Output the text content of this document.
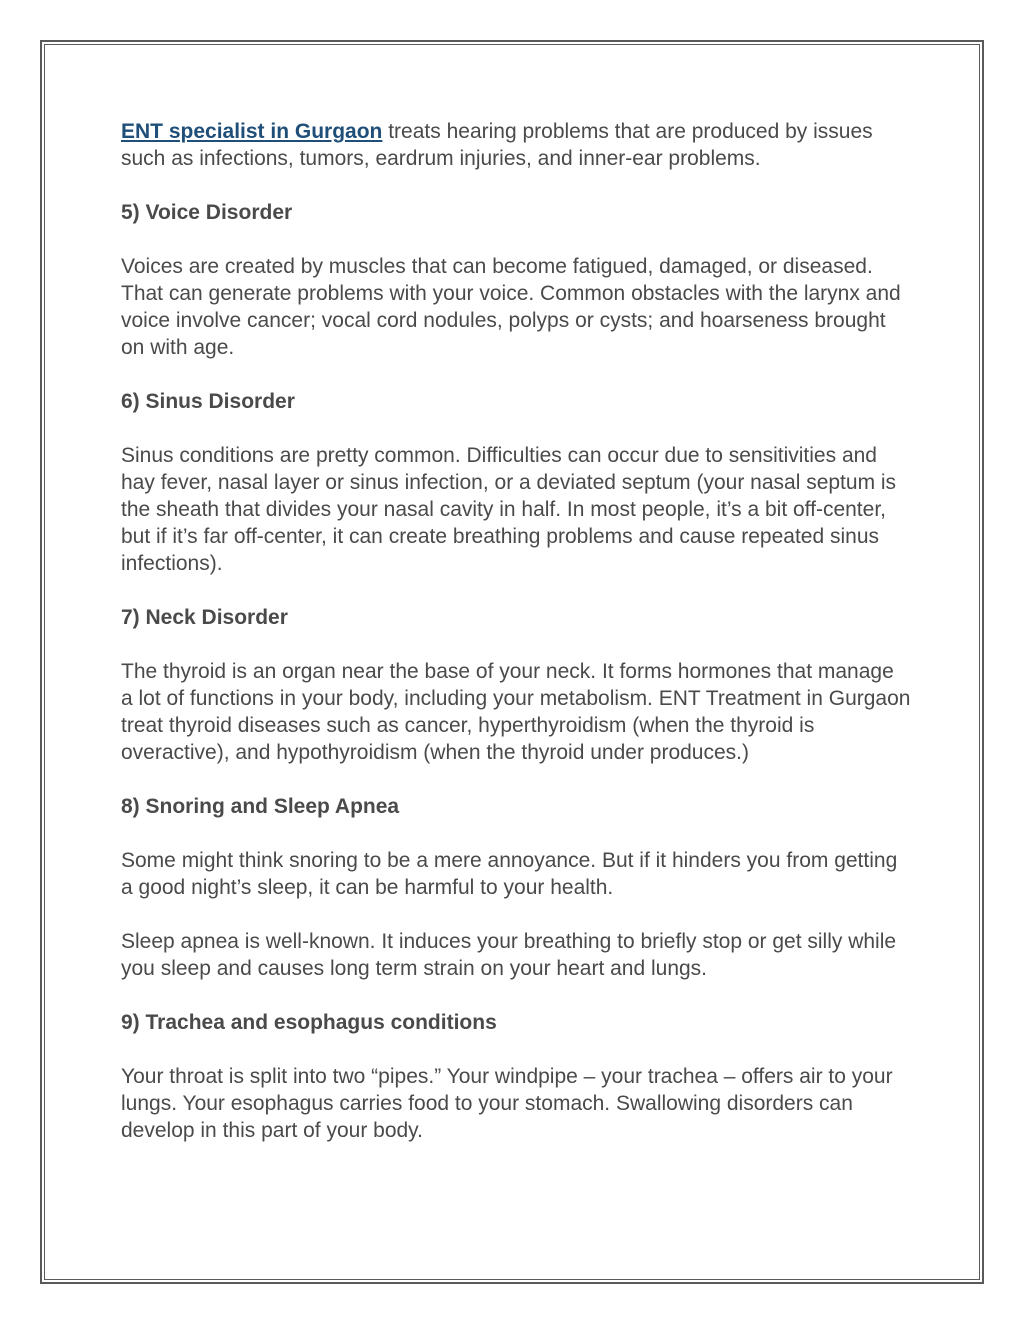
ENT specialist in Gurgaon treats hearing problems that are produced by issues such as infections, tumors, eardrum injuries, and inner-ear problems.

5) Voice Disorder

Voices are created by muscles that can become fatigued, damaged, or diseased. That can generate problems with your voice. Common obstacles with the larynx and voice involve cancer; vocal cord nodules, polyps or cysts; and hoarseness brought on with age.

6) Sinus Disorder

Sinus conditions are pretty common. Difficulties can occur due to sensitivities and hay fever, nasal layer or sinus infection, or a deviated septum (your nasal septum is the sheath that divides your nasal cavity in half. In most people, it’s a bit off-center, but if it’s far off-center, it can create breathing problems and cause repeated sinus infections).

7) Neck Disorder

The thyroid is an organ near the base of your neck. It forms hormones that manage a lot of functions in your body, including your metabolism. ENT Treatment in Gurgaon treat thyroid diseases such as cancer, hyperthyroidism (when the thyroid is overactive), and hypothyroidism (when the thyroid under produces.)

8) Snoring and Sleep Apnea

Some might think snoring to be a mere annoyance. But if it hinders you from getting a good night’s sleep, it can be harmful to your health.

Sleep apnea is well-known. It induces your breathing to briefly stop or get silly while you sleep and causes long term strain on your heart and lungs.

9) Trachea and esophagus conditions

Your throat is split into two “pipes.” Your windpipe – your trachea – offers air to your lungs. Your esophagus carries food to your stomach. Swallowing disorders can develop in this part of your body.
